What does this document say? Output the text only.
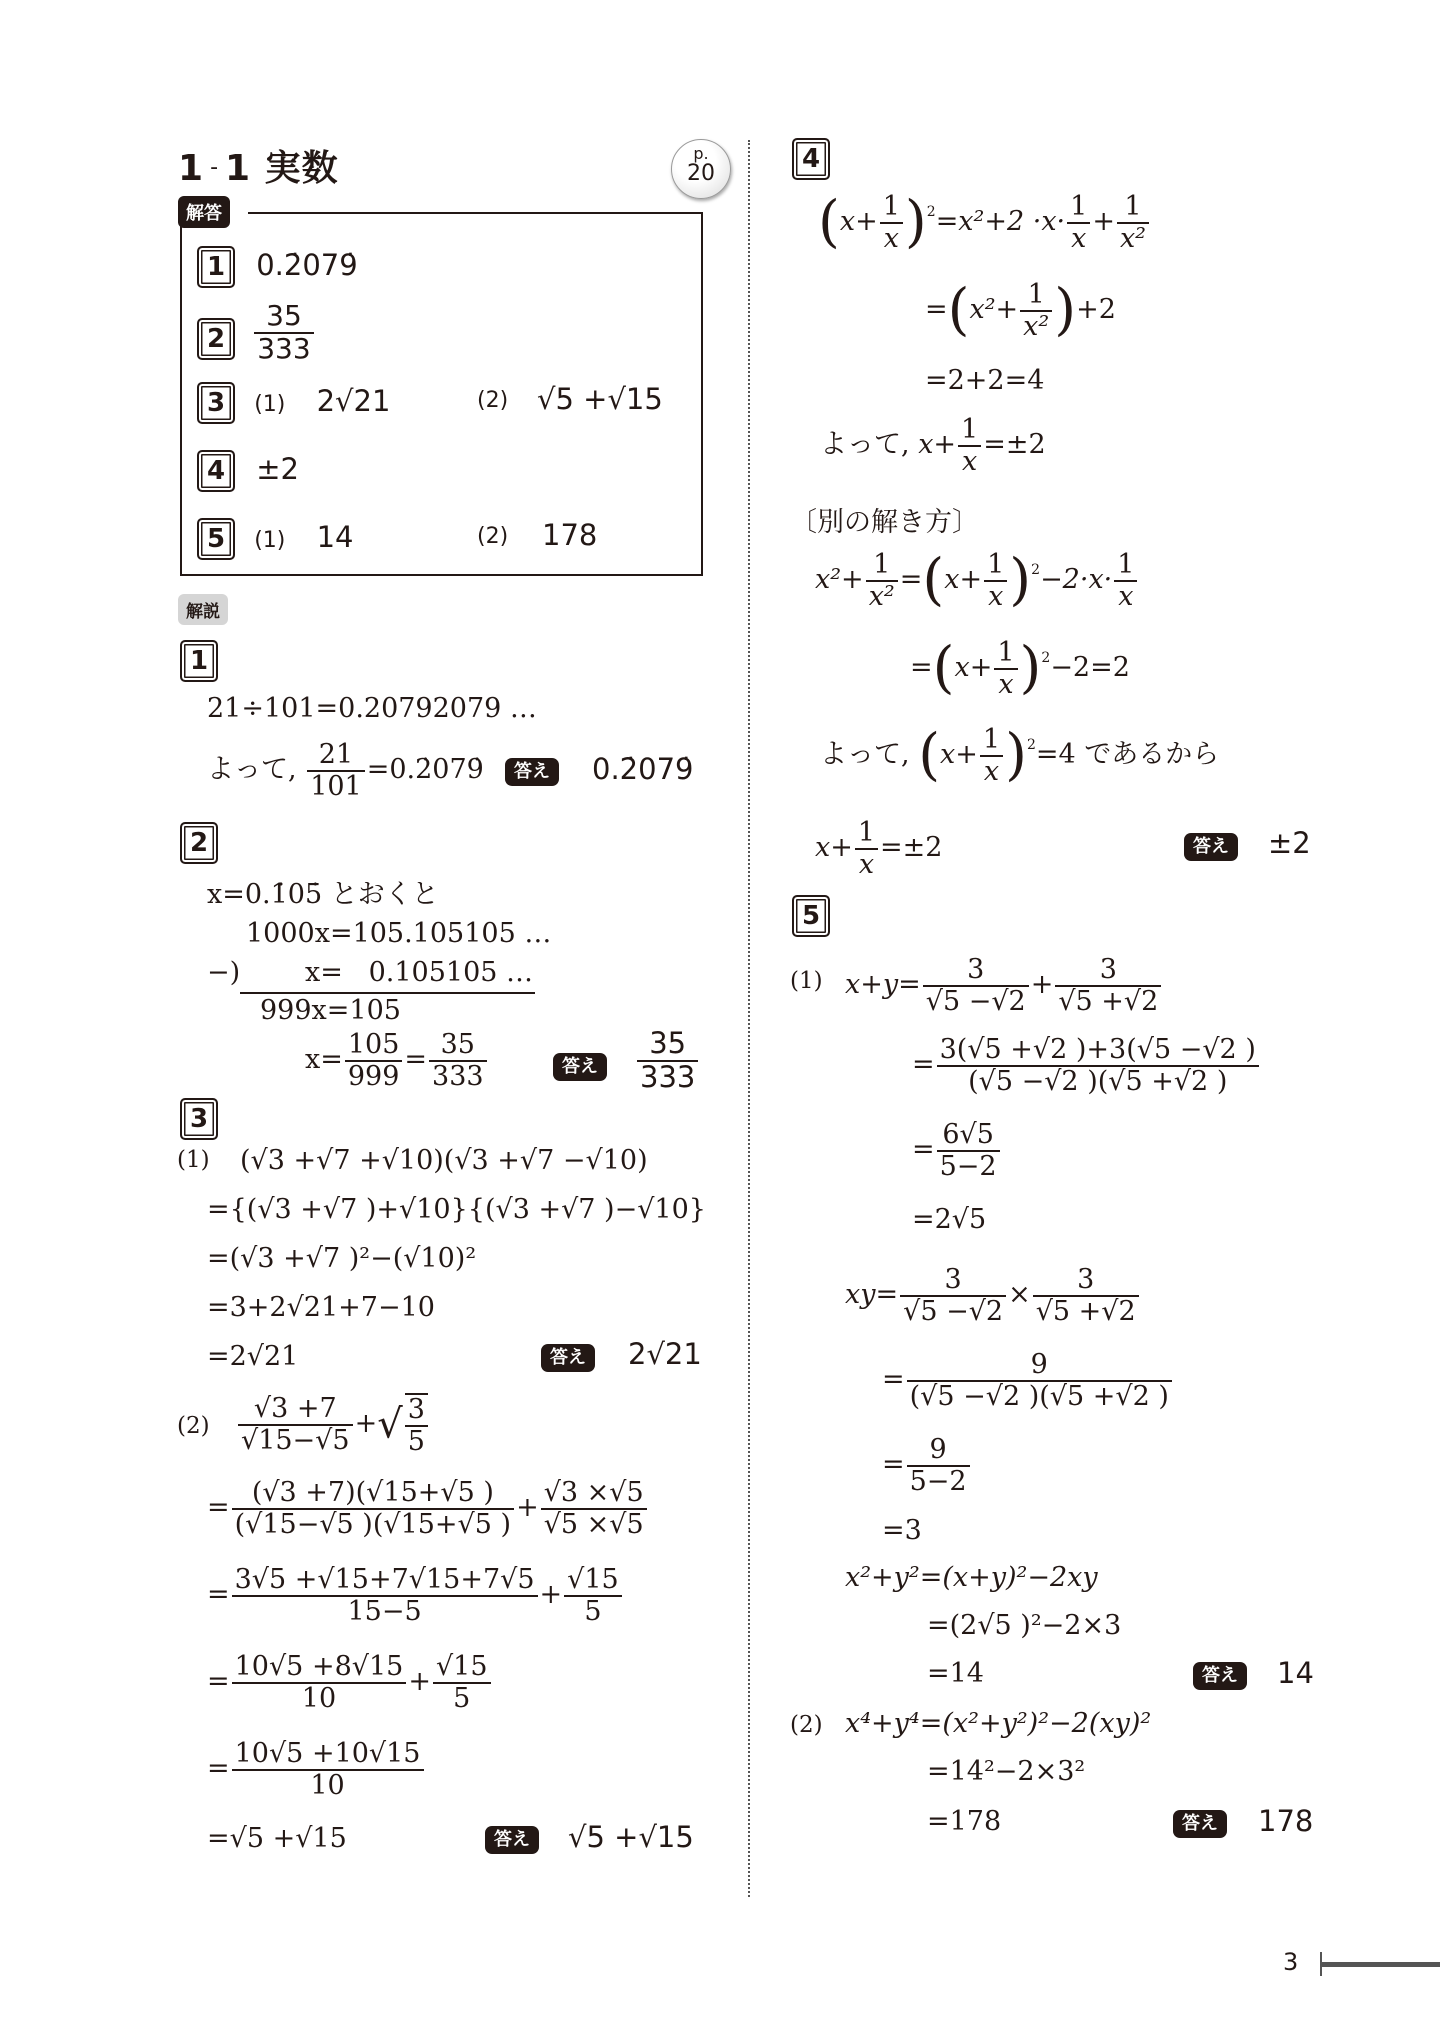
1 - 1 実数	p.
20
解答
1 0.2̇079̇
$2 \frac{35}{333}$
3 (1) 2√21	(2) √5 +√15
4 ±2
5 (1) 14	(2) 178
解説
1
21÷101=0.20792079 …
よって, $\frac{21}{101}$ =0.2̇079̇	答え	0.2̇079̇
2
x=0.1̇05̇ とおくと
1000x=105.105105 …
−) x=   0.105105 …
999x=105
$x= \frac{105}{999} = \frac{35}{333}$	答え	$\frac{35}{333}$
3
(1) (√3 +√7 +√10)(√3 +√7 −√10)
={(√3 +√7 )+√10}{(√3 +√7 )−√10}
=(√3 +√7 )²−(√10)²
=3+2√21+7−10
=2√21	答え	2√21
$(2) \frac{√3 +7}{√15-√5}$ +√ $\frac{3}{5}$
= $\frac{(√3 +7)(√15+√5 )}{(√15-√5 )(√15+√5 )} + \frac{√3 \times√5}{√5 \times√5}$
= $\frac{3√5 +√15+7√15+7√5}{15-5} + \frac{√15}{5}$
= $\frac{10√5 +8√15}{10} + \frac{√15}{5}$
= $\frac{10√5 +10√15}{10}$
=√5 +√15	答え	√5 +√15
4
$(x+ \frac{1}{x} )^2=x^2+2 \cdot x\cdot \frac{1}{x} + \frac{1}{\text{x²}}$
$=(x^2+ \frac{1}{\text{x²}} )+2$
=2+2=4
よって, $x+ \frac{1}{x} =\pm 2$
〔別の解き方〕
$x^2+ \frac{1}{\text{x²}} =(x+ \frac{1}{x} )^2-2\cdot x\cdot \frac{1}{x}$
$=(x+ \frac{1}{x} )^2-2=2$
よって, $(x+ \frac{1}{x} )^2=4$ であるから
$x+ \frac{1}{x} =\pm 2$	答え	±2
5
(1) $x+y= \frac{3}{√5 -√2} + \frac{3}{√5 +√2}$
= $\frac{3(√5 +√2 )+3(√5 -√2 )}{(√5 -√2 )(√5 +√2 )}$
= $\frac{6√5}{5-2}$
=2√5
$xy= \frac{3}{√5 -√2} \times \frac{3}{√5 +√2}$
= $\frac{9}{(√5 -√2 )(√5 +√2 )}$
= $\frac{9}{5-2}$
=3
x²+y²=(x+y)²−2xy
=(2√5 )²−2×3
=14	答え	14
(2) x⁴+y⁴=(x²+y²)²−2(xy)²
=14²−2×3²
=178	答え	178
3
